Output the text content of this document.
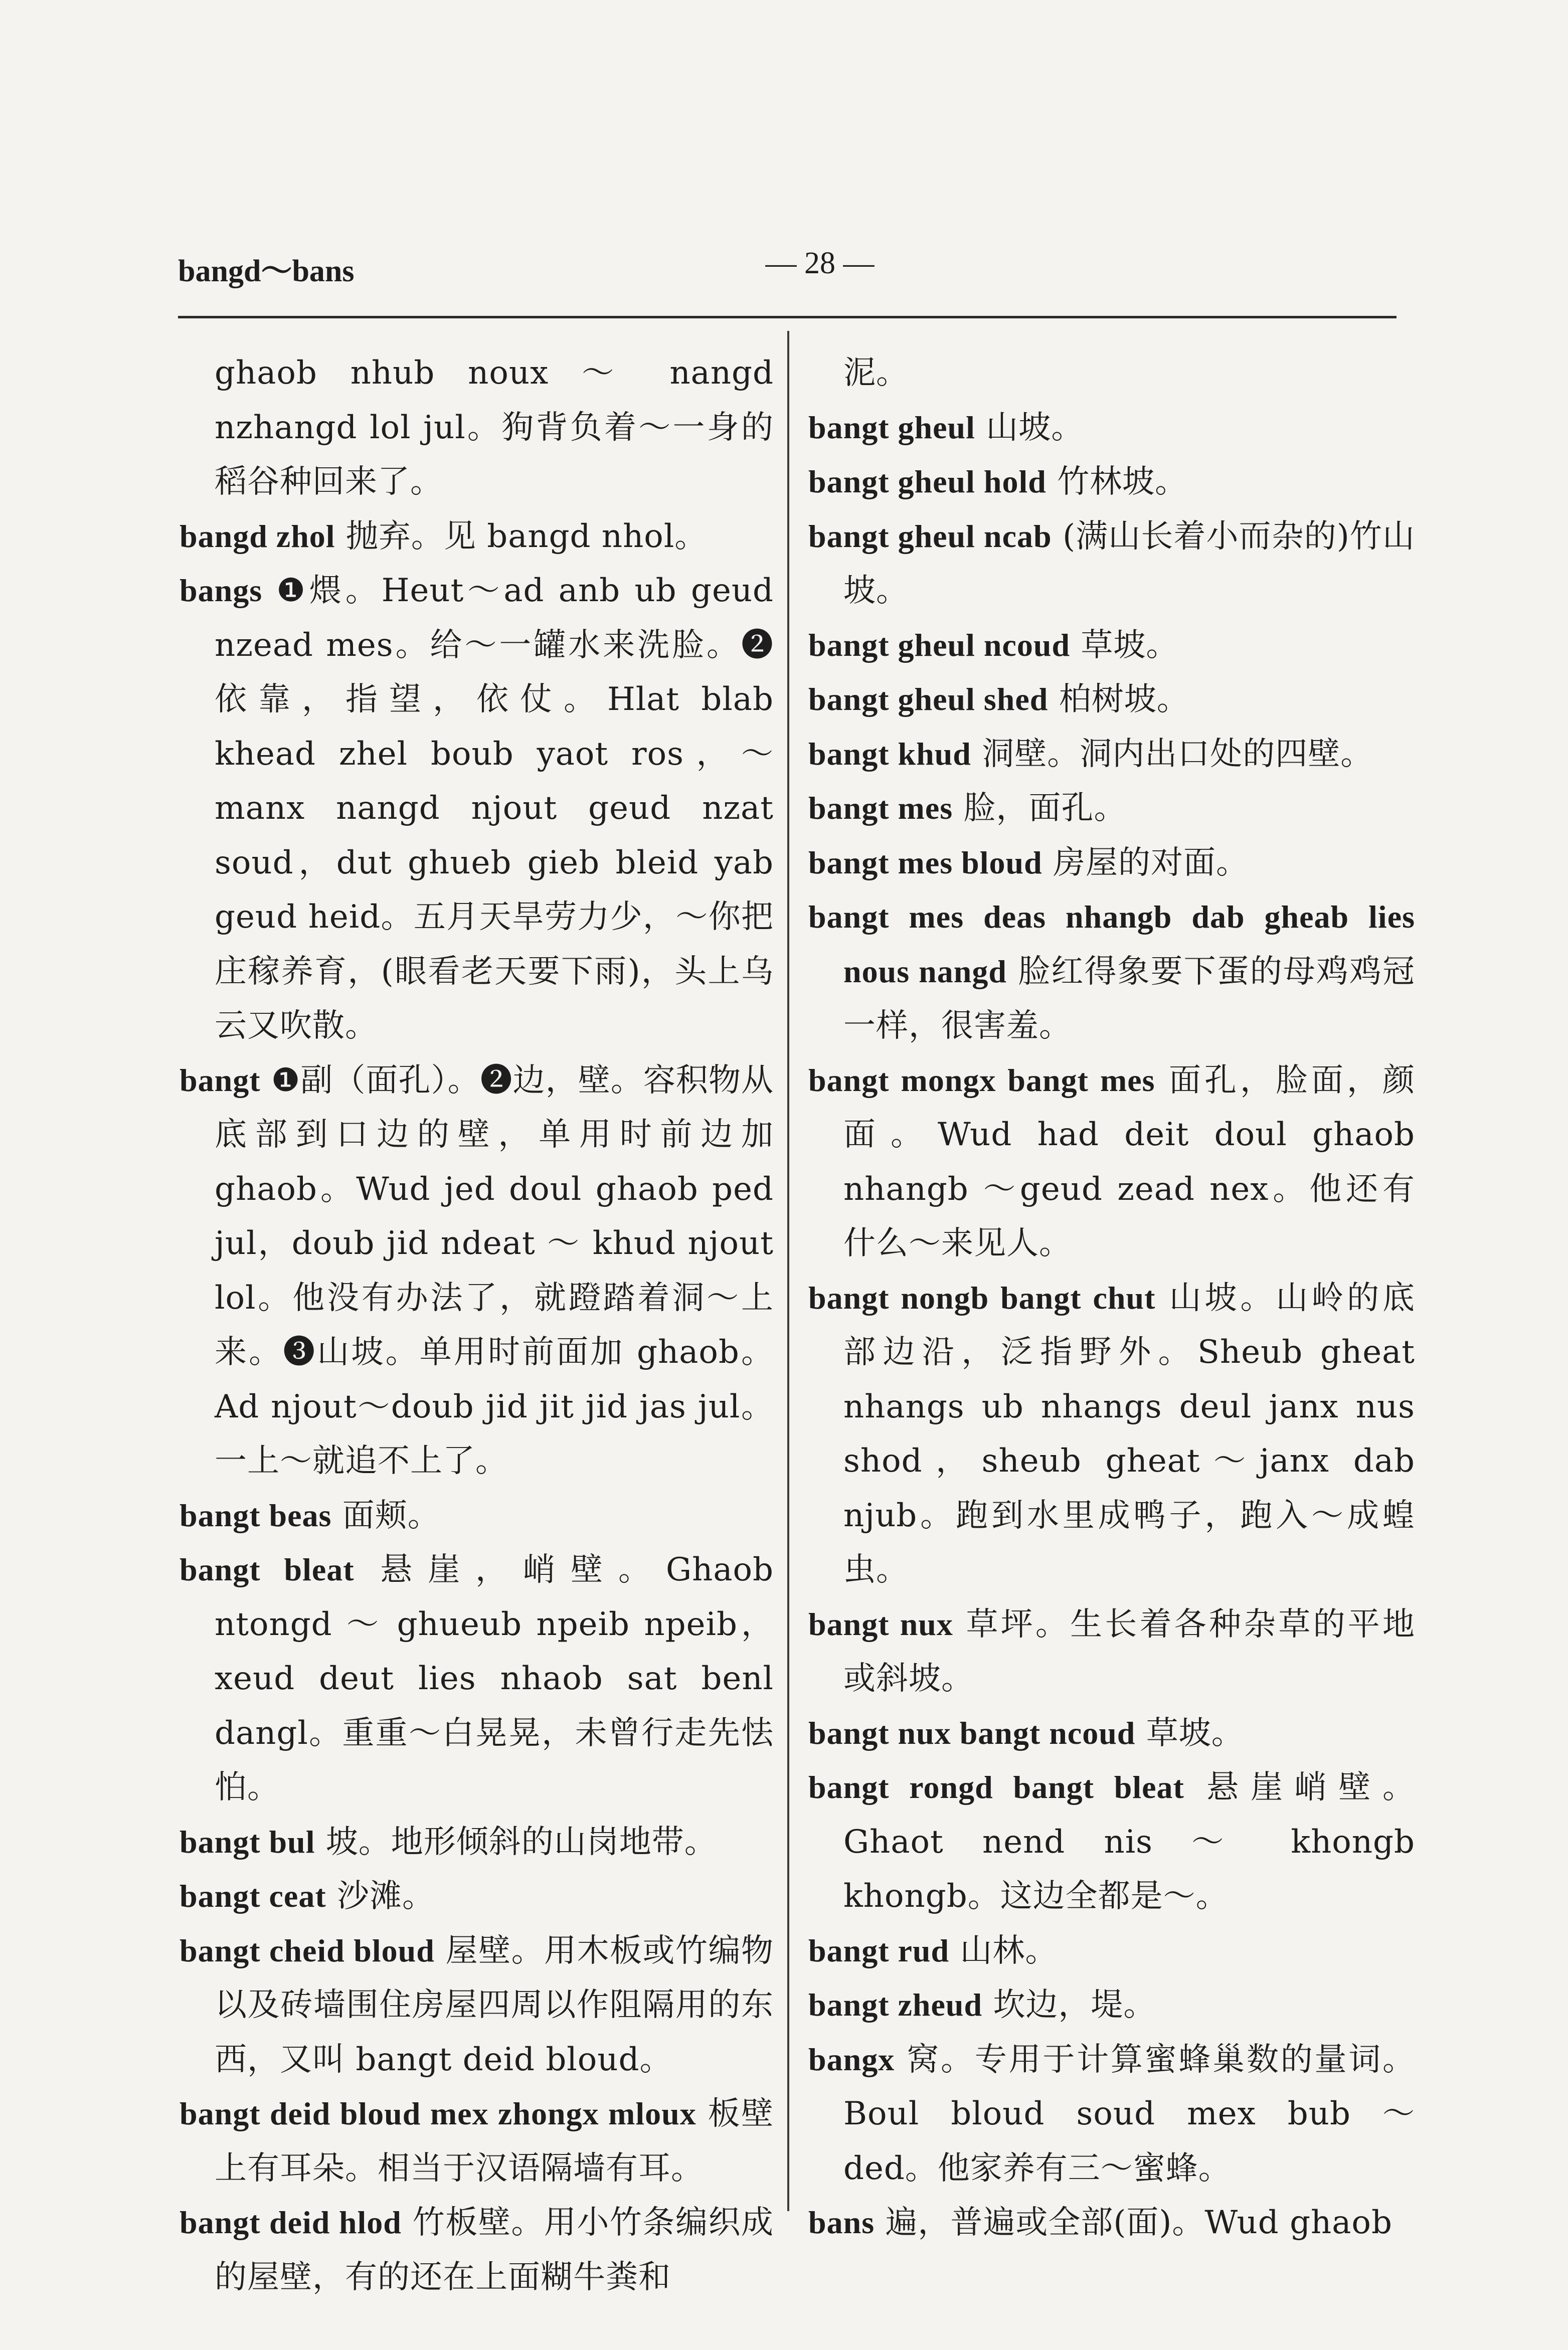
bangd～bans	— 28 —
ghaob nhub noux ～ nangd nzhangd lol jul。狗背负着～一身的稻谷种回来了。
bangd zhol 抛弃。见 bangd nhol。
bangs ❶煨。Heut～ad anb ub geud nzead mes。给～一罐水来洗脸。❷依靠，指望，依仗。Hlat blab khead zhel boub yaot ros，～manx nangd njout geud nzat soud，dut ghueb gieb bleid yab geud heid。五月天旱劳力少，～你把庄稼养育，(眼看老天要下雨)，头上乌云又吹散。
bangt ❶副（面孔）。❷边，壁。容积物从底部到口边的壁，单用时前边加 ghaob。Wud jed doul ghaob ped jul，doub jid ndeat ～ khud njout lol。他没有办法了，就蹬踏着洞～上来。❸山坡。单用时前面加 ghaob。Ad njout～doub jid jit jid jas jul。一上～就追不上了。
bangt beas 面颊。
bangt bleat 悬崖，峭壁。Ghaob ntongd ～ ghueub npeib npeib，xeud deut lies nhaob sat benl dangl。重重～白晃晃，未曾行走先怯怕。
bangt bul 坡。地形倾斜的山岗地带。
bangt ceat 沙滩。
bangt cheid bloud 屋壁。用木板或竹编物以及砖墙围住房屋四周以作阻隔用的东西，又叫 bangt deid bloud。
bangt deid bloud mex zhongx mloux 板壁上有耳朵。相当于汉语隔墙有耳。
bangt deid hlod 竹板壁。用小竹条编织成的屋壁，有的还在上面糊牛粪和
泥。
bangt gheul 山坡。
bangt gheul hold 竹林坡。
bangt gheul ncab (满山长着小而杂的)竹山坡。
bangt gheul ncoud 草坡。
bangt gheul shed 柏树坡。
bangt khud 洞壁。洞内出口处的四壁。
bangt mes 脸，面孔。
bangt mes bloud 房屋的对面。
bangt mes deas nhangb dab gheab lies nous nangd 脸红得象要下蛋的母鸡鸡冠一样，很害羞。
bangt mongx bangt mes 面孔，脸面，颜面。Wud had deit doul ghaob nhangb ～geud zead nex。他还有什么～来见人。
bangt nongb bangt chut 山坡。山岭的底部边沿，泛指野外。Sheub gheat nhangs ub nhangs deul janx nus shod，sheub gheat～janx dab njub。跑到水里成鸭子，跑入～成蝗虫。
bangt nux 草坪。生长着各种杂草的平地或斜坡。
bangt nux bangt ncoud 草坡。
bangt rongd bangt bleat 悬崖峭壁。Ghaot nend nis ～ khongb khongb。这边全都是～。
bangt rud 山林。
bangt zheud 坎边，堤。
bangx 窝。专用于计算蜜蜂巢数的量词。Boul bloud soud mex bub ～ ded。他家养有三～蜜蜂。
bans 遍，普遍或全部(面)。Wud ghaob
